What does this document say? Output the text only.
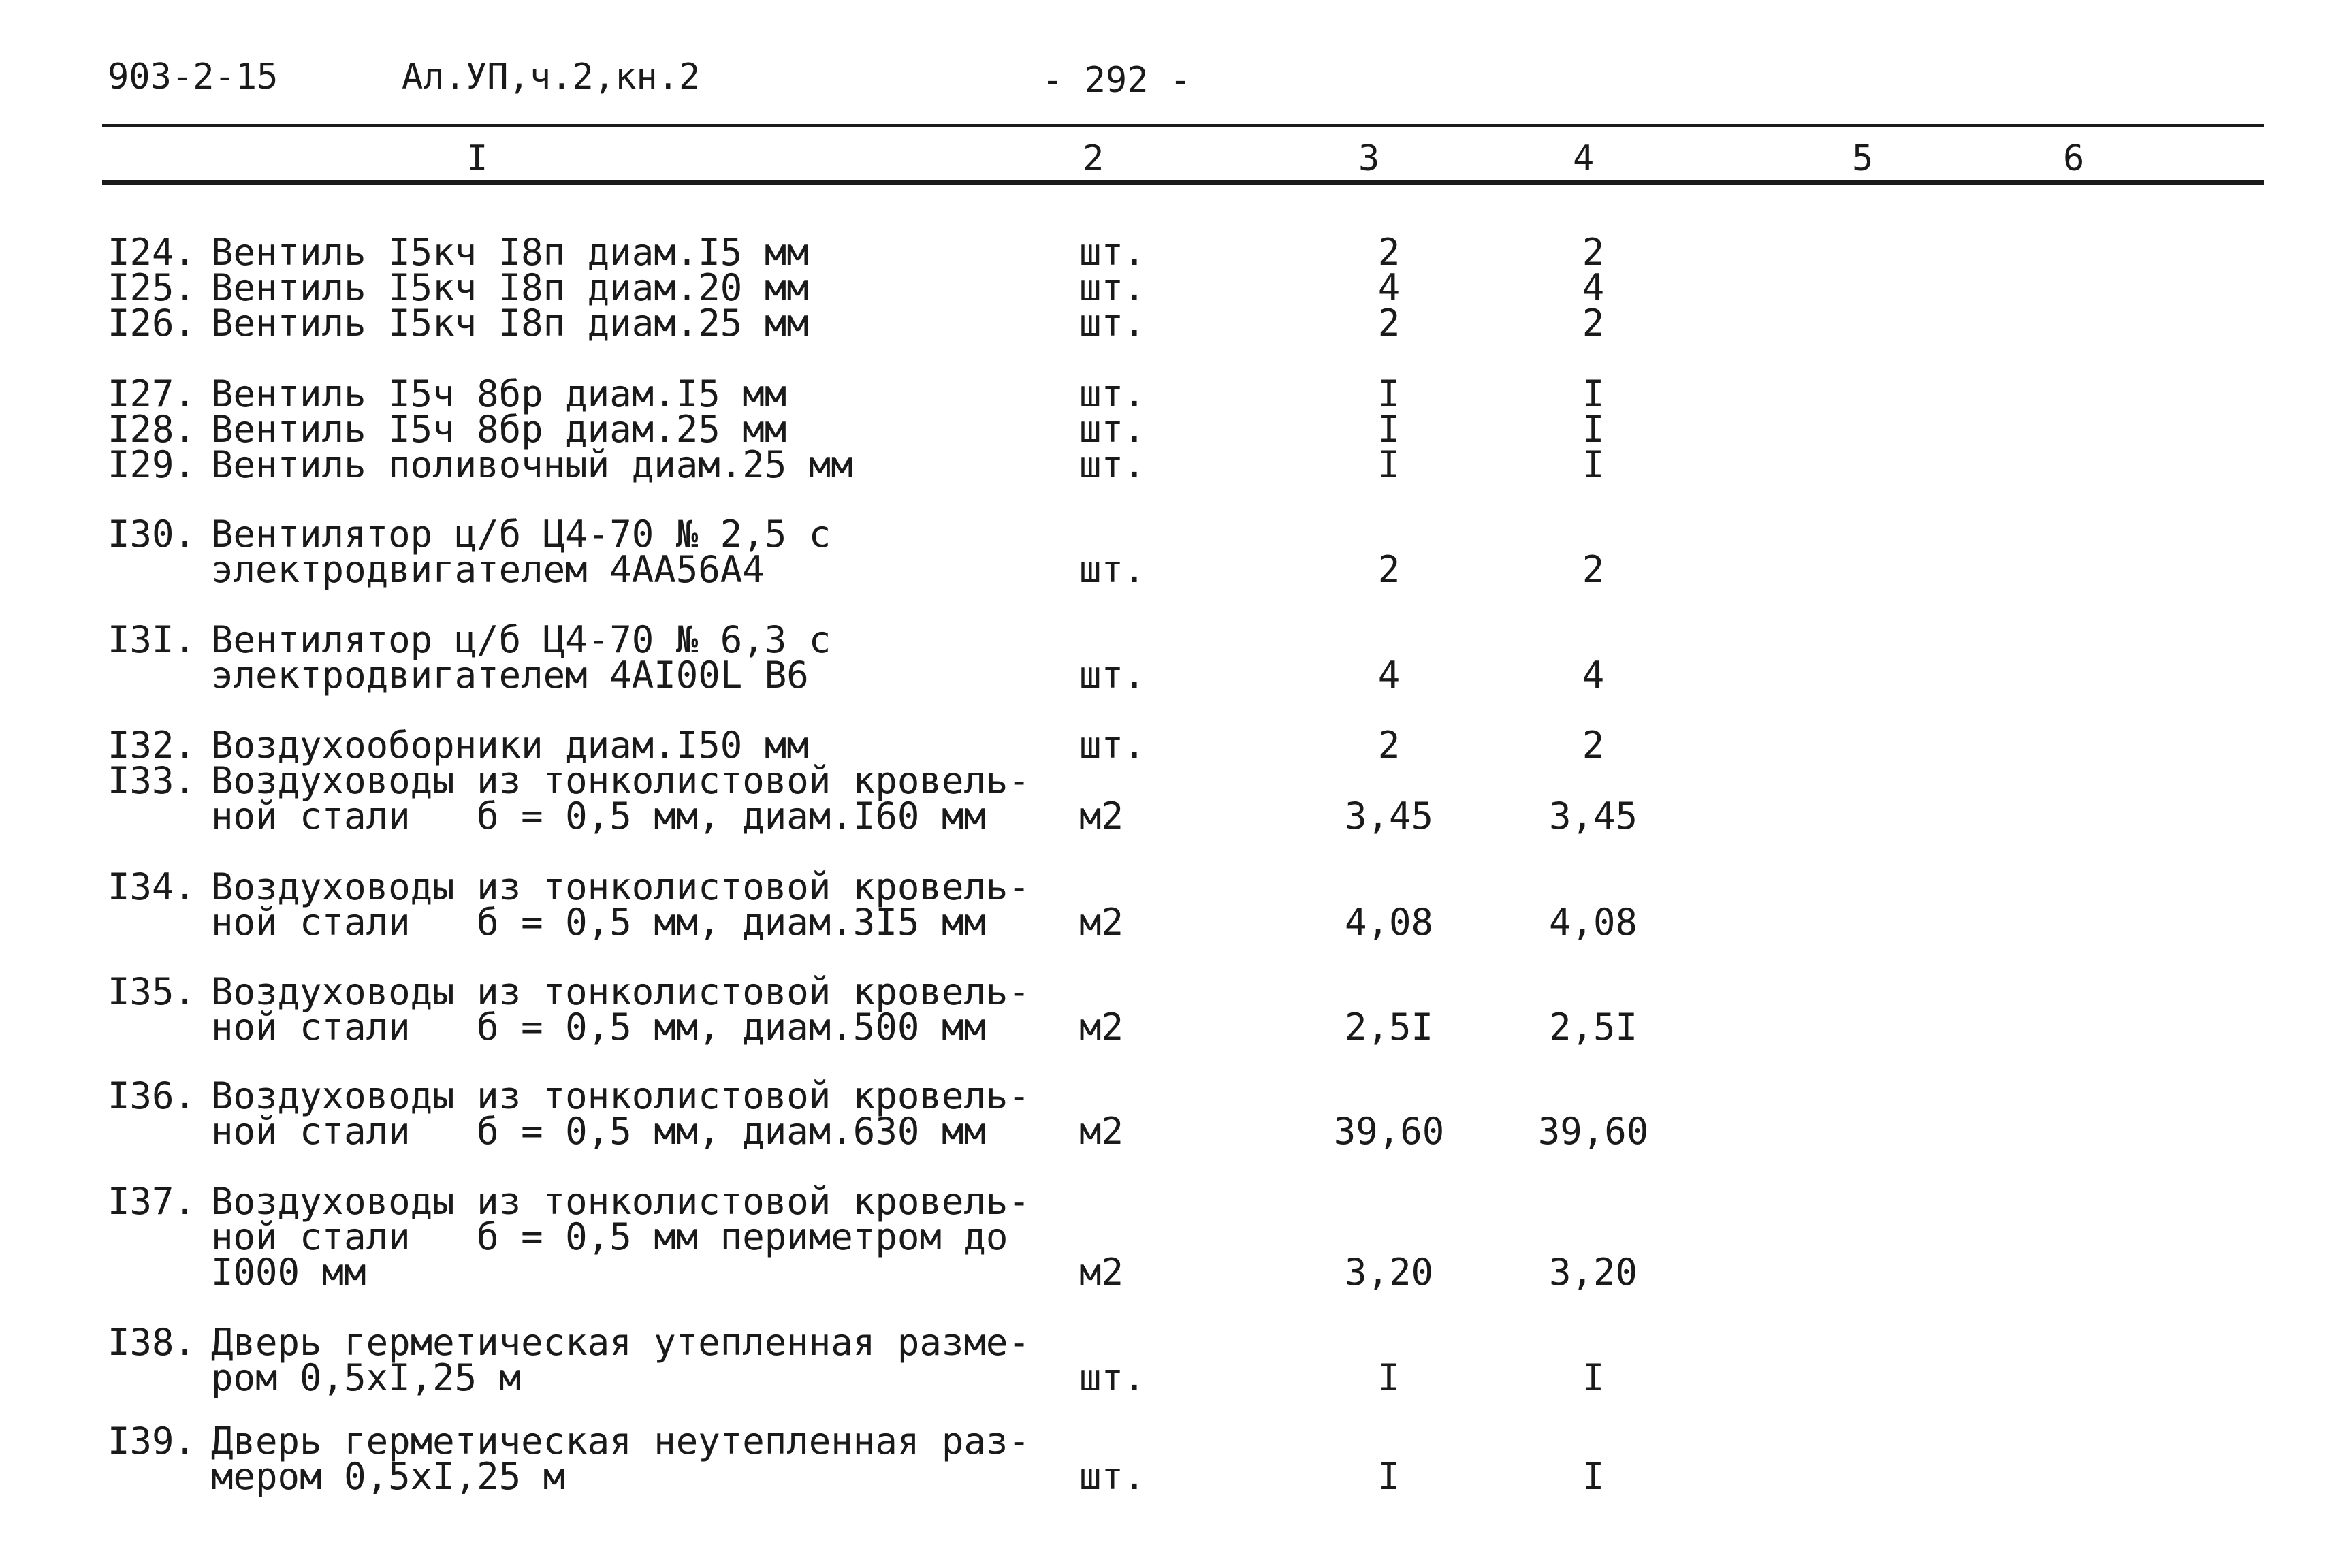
903-2-15	Ал.УП,ч.2,кн.2	- 292 -
I	2	3	4	5	6
I24. Вентиль I5кч I8п диам.I5 мм	шт.	2	2
I25. Вентиль I5кч I8п диам.20 мм	шт.	4	4
I26. Вентиль I5кч I8п диам.25 мм	шт.	2	2
I27. Вентиль I5ч 8бр диам.I5 мм	шт.	I	I
I28. Вентиль I5ч 8бр диам.25 мм	шт.	I	I
I29. Вентиль поливочный диам.25 мм	шт.	I	I
I30. Вентилятор ц/б Ц4-70 № 2,5 с
электродвигателем 4АА56А4	шт.	2	2
I3I. Вентилятор ц/б Ц4-70 № 6,3 с
электродвигателем 4АI00L В6	шт.	4	4
I32. Воздухооборники диам.I50 мм	шт.	2	2
I33. Воздуховоды из тонколистовой кровель-
ной стали   б = 0,5 мм, диам.I60 мм	м2	3,45	3,45
I34. Воздуховоды из тонколистовой кровель-
ной стали   б = 0,5 мм, диам.3I5 мм	м2	4,08	4,08
I35. Воздуховоды из тонколистовой кровель-
ной стали   б = 0,5 мм, диам.500 мм	м2	2,5I	2,5I
I36. Воздуховоды из тонколистовой кровель-
ной стали   б = 0,5 мм, диам.630 мм	м2	39,60	39,60
I37. Воздуховоды из тонколистовой кровель-
ной стали   б = 0,5 мм периметром до
I000 мм	м2	3,20	3,20
I38. Дверь герметическая утепленная разме-
ром 0,5хI,25 м	шт.	I	I
I39. Дверь герметическая неутепленная раз-
мером 0,5хI,25 м	шт.	I	I
